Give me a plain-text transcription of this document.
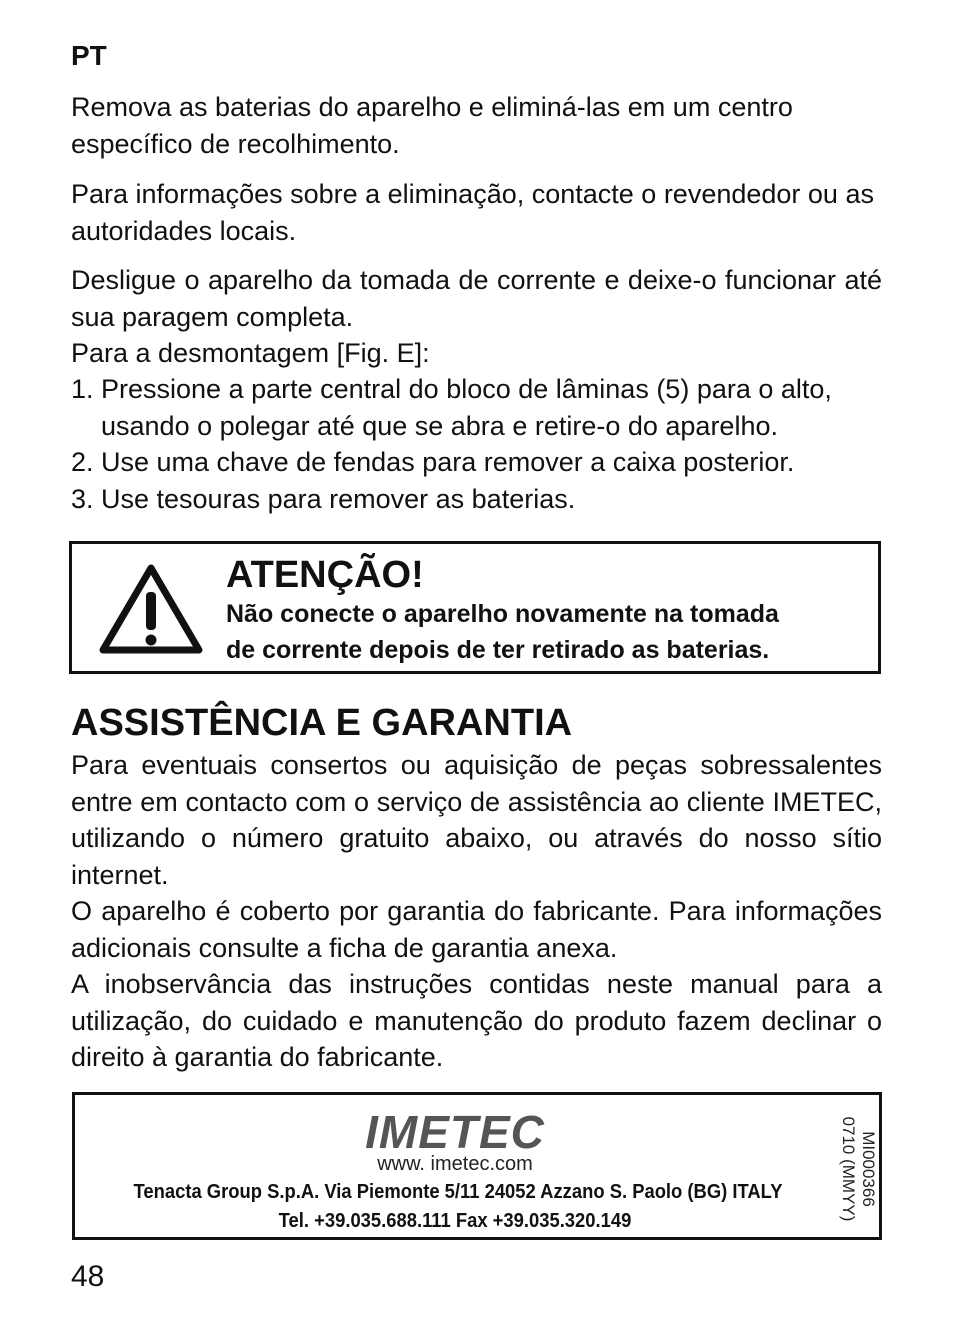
PT

Remova as baterias do aparelho e eliminá-las em um centro específico de recolhimento.

Para informações sobre a eliminação, contacte o revendedor ou as autoridades locais.

Desligue o aparelho da tomada de corrente e deixe-o funcionar até sua paragem completa.

Para a desmontagem [Fig. E]:

1. Pressione a parte central do bloco de lâminas (5) para o alto, usando o polegar até que se abra e retire-o do aparelho.
2. Use uma chave de fendas para remover a caixa posterior.
3. Use tesouras para remover as baterias.
ATENÇÃO!

Não conecte o aparelho novamente na tomada

de corrente depois de ter retirado as baterias.

ASSISTÊNCIA E GARANTIA

Para eventuais consertos ou aquisição de peças sobressalentes entre em contacto com o serviço de assistência ao cliente IMETEC, utilizando o número gratuito abaixo, ou através do nosso sítio internet.

O aparelho é coberto por garantia do fabricante. Para informações adicionais consulte a ficha de garantia anexa.

A inobservância das instruções contidas neste manual para a utilização, do cuidado e manutenção do produto fazem declinar o direito à garantia do fabricante.

IMETEC
www. imetec.com
Tenacta Group S.p.A. Via Piemonte 5/11 24052 Azzano S. Paolo (BG) ITALY
Tel. +39.035.688.111 Fax +39.035.320.149
MI000366
0710 (MMYY)
48
